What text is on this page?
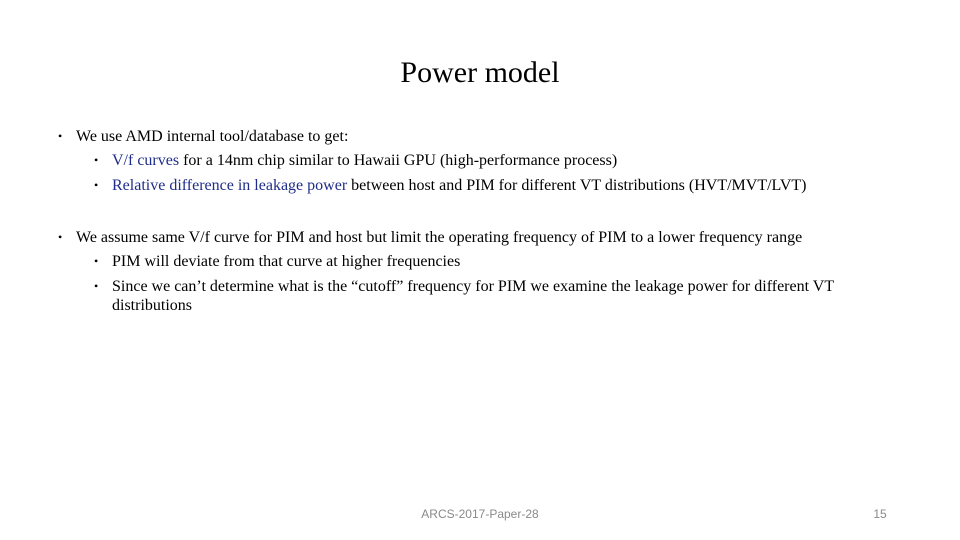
Power model
• We use AMD internal tool/database to get:
• V/f curves for a 14nm chip similar to Hawaii GPU (high-performance process)
• Relative difference in leakage power between host and PIM for different VT distributions (HVT/MVT/LVT)
• We assume same V/f curve for PIM and host but limit the operating frequency of PIM to a lower frequency range
• PIM will deviate from that curve at higher frequencies
• Since we can’t determine what is the “cutoff” frequency for PIM we examine the leakage power for different VT distributions
ARCS-2017-Paper-28	15
